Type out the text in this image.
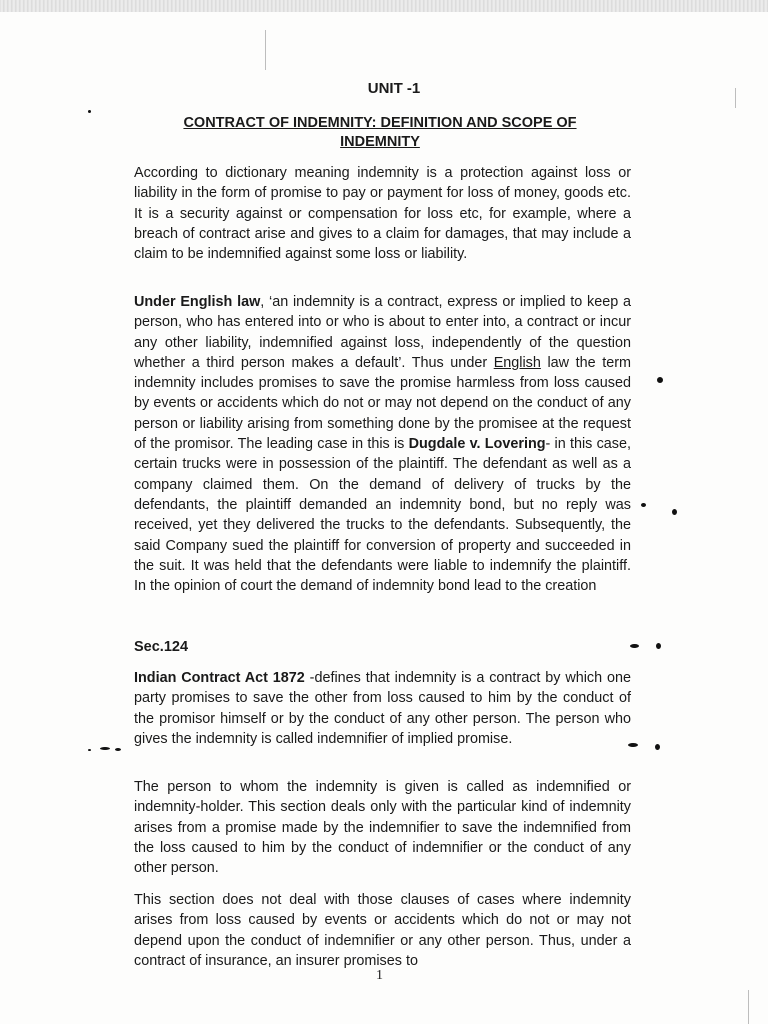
UNIT -1
CONTRACT OF INDEMNITY: DEFINITION AND SCOPE OF INDEMNITY
According to dictionary meaning indemnity is a protection against loss or liability in the form of promise to pay or payment for loss of money, goods etc. It is a security against or compensation for loss etc, for example, where a breach of contract arise and gives to a claim for damages, that may include a claim to be indemnified against some loss or liability.
Under English law, ‘an indemnity is a contract, express or implied to keep a person, who has entered into or who is about to enter into, a contract or incur any other liability, indemnified against loss, independently of the question whether a third person makes a default’. Thus under English law the term indemnity includes promises to save the promise harmless from loss caused by events or accidents which do not or may not depend on the conduct of any person or liability arising from something done by the promisee at the request of the promisor. The leading case in this is Dugdale v. Lovering- in this case, certain trucks were in possession of the plaintiff. The defendant as well as a company claimed them. On the demand of delivery of trucks by the defendants, the plaintiff demanded an indemnity bond, but no reply was received, yet they delivered the trucks to the defendants. Subsequently, the said Company sued the plaintiff for conversion of property and succeeded in the suit. It was held that the defendants were liable to indemnify the plaintiff. In the opinion of court the demand of indemnity bond lead to the creation
Sec.124
Indian Contract Act 1872 -defines that indemnity is a contract by which one party promises to save the other from loss caused to him by the conduct of the promisor himself or by the conduct of any other person. The person who gives the indemnity is called indemnifier of implied promise.
The person to whom the indemnity is given is called as indemnified or indemnity-holder. This section deals only with the particular kind of indemnity arises from a promise made by the indemnifier to save the indemnified from the loss caused to him by the conduct of indemnifier or the conduct of any other person.
This section does not deal with those clauses of cases where indemnity arises from loss caused by events or accidents which do not or may not depend upon the conduct of indemnifier or any other person. Thus, under a contract of insurance, an insurer promises to
1
